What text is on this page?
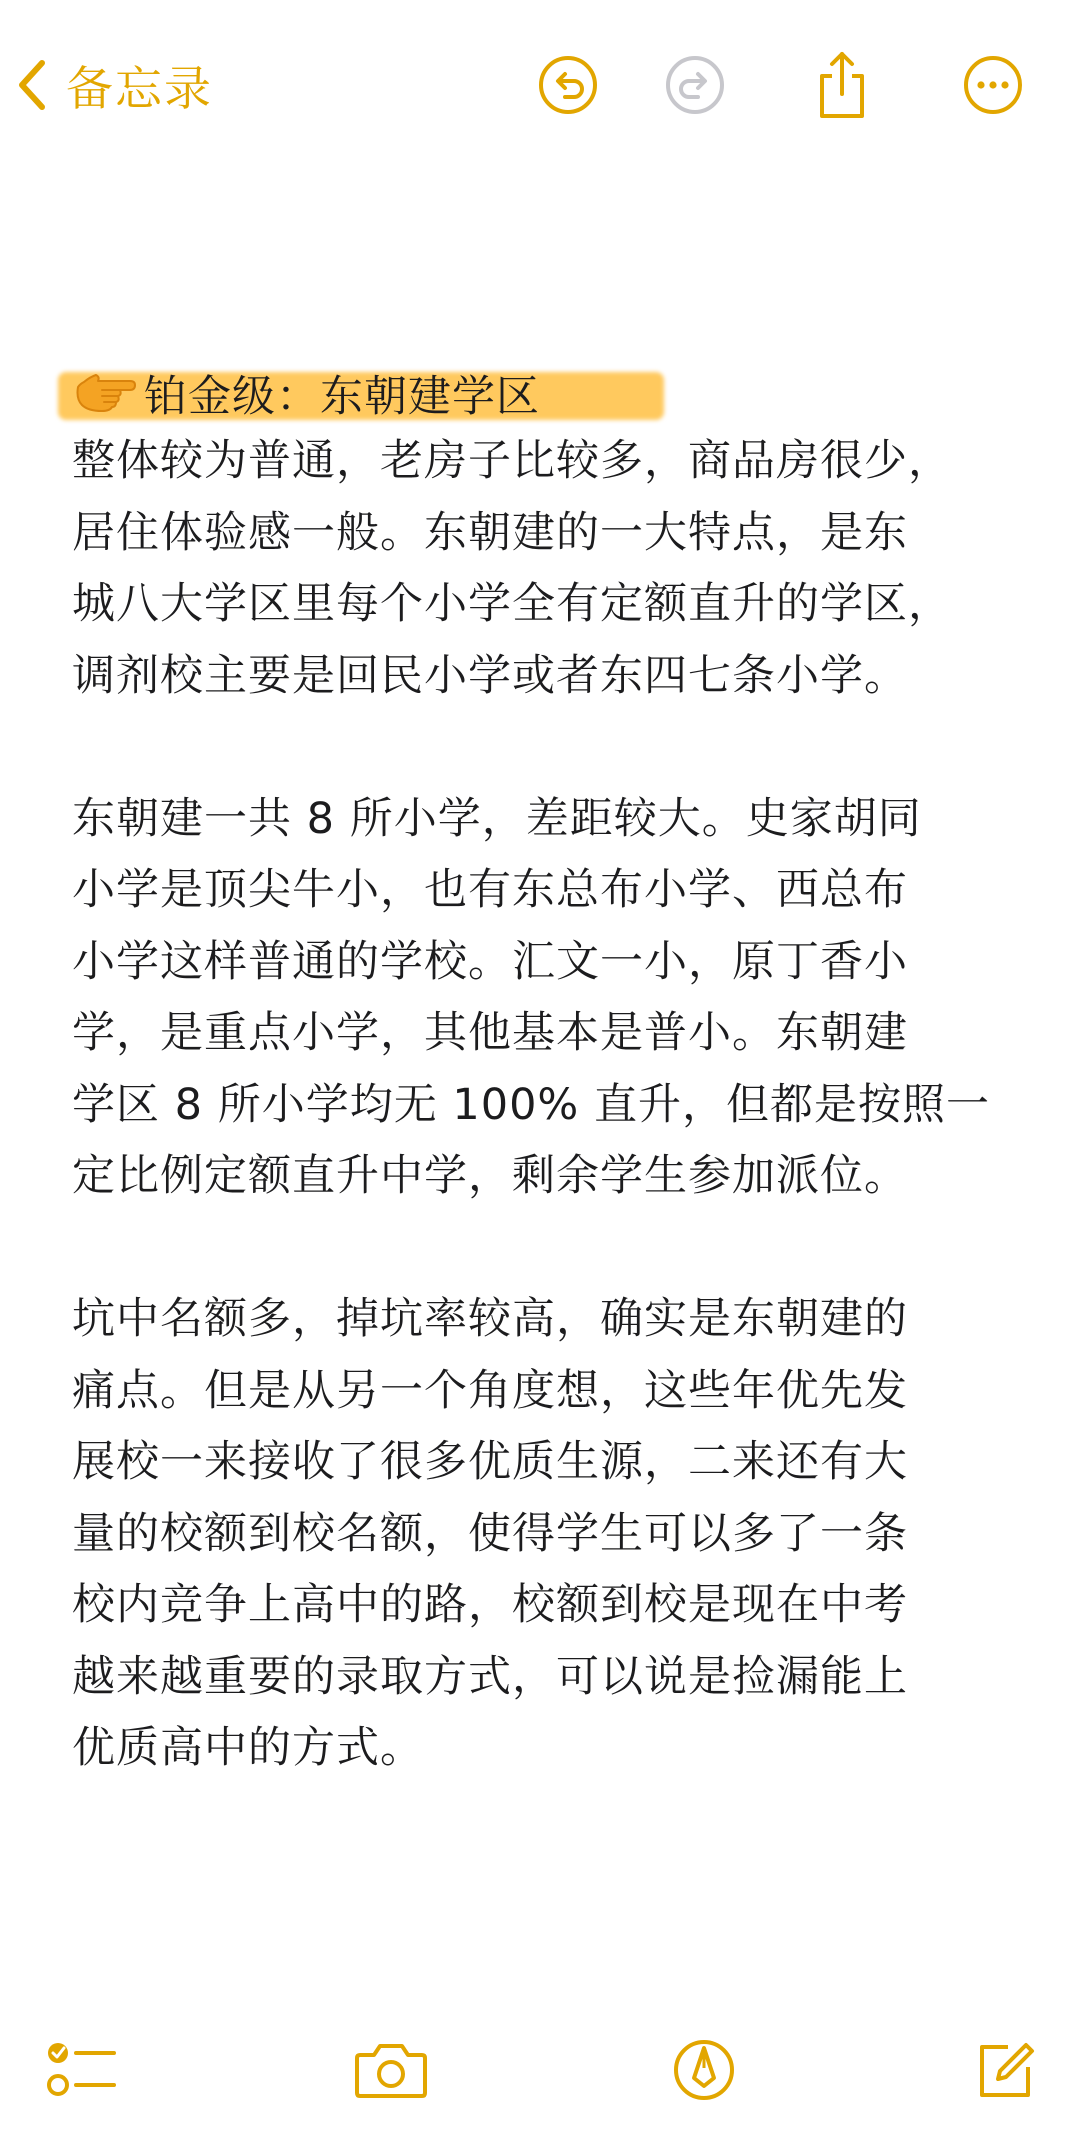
备忘录
铂金级：东朝建学区

整体较为普通，老房子比较多，商品房很少，
居住体验感一般。东朝建的一大特点，是东
城八大学区里每个小学全有定额直升的学区，
调剂校主要是回民小学或者东四七条小学。

东朝建一共 8 所小学，差距较大。史家胡同
小学是顶尖牛小，也有东总布小学、西总布
小学这样普通的学校。汇文一小，原丁香小
学，是重点小学，其他基本是普小。东朝建
学区 8 所小学均无 100% 直升，但都是按照一
定比例定额直升中学，剩余学生参加派位。

坑中名额多，掉坑率较高，确实是东朝建的
痛点。但是从另一个角度想，这些年优先发
展校一来接收了很多优质生源，二来还有大
量的校额到校名额，使得学生可以多了一条
校内竞争上高中的路，校额到校是现在中考
越来越重要的录取方式，可以说是捡漏能上
优质高中的方式。
